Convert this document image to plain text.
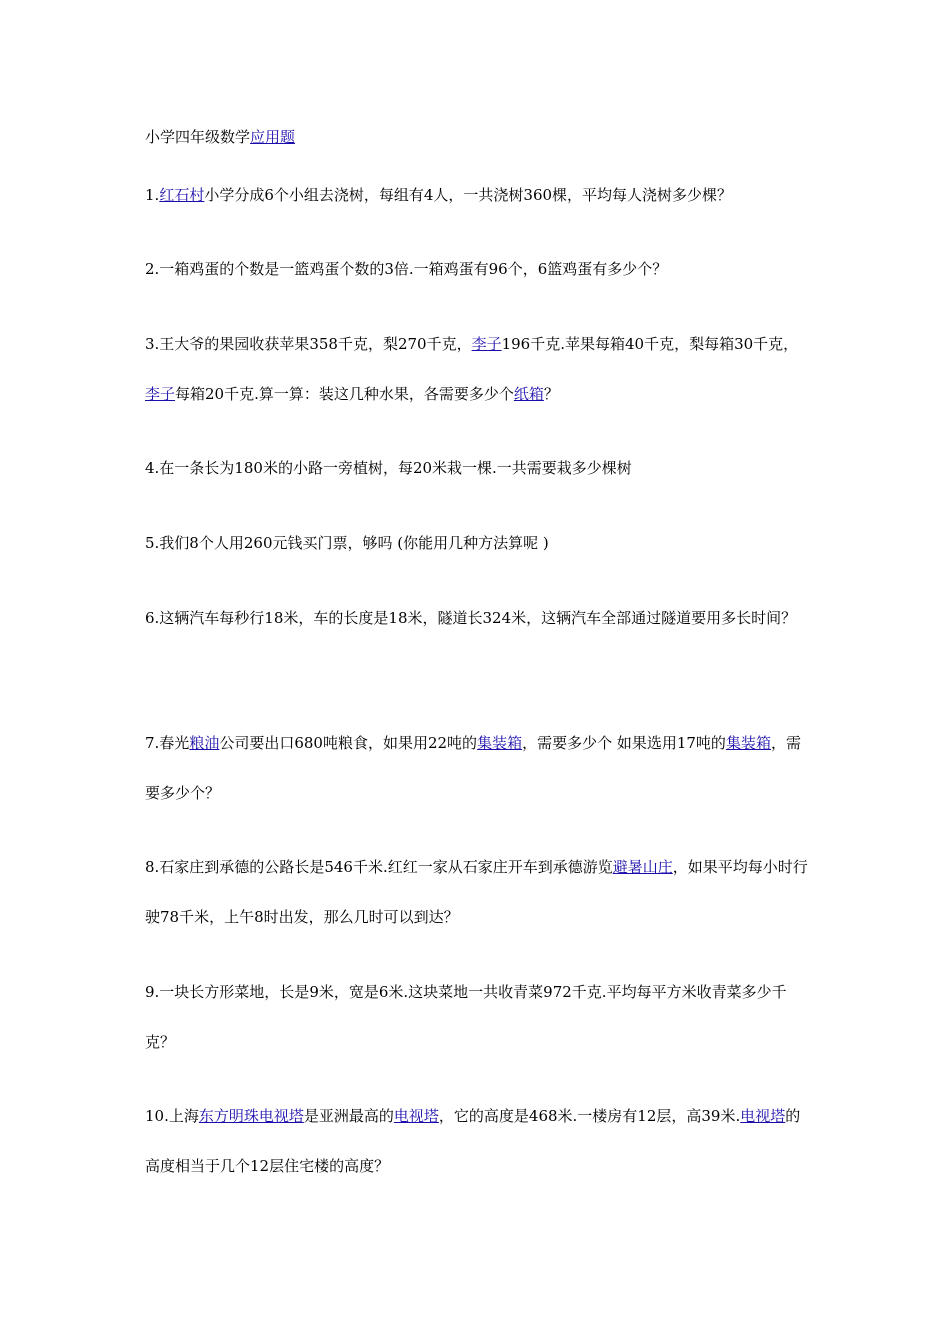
小学四年级数学应用题
1.红石村小学分成6个小组去浇树，每组有4人，一共浇树360棵，平均每人浇树多少棵？
2.一箱鸡蛋的个数是一篮鸡蛋个数的3倍.一箱鸡蛋有96个，6篮鸡蛋有多少个？
3.王大爷的果园收获苹果358千克，梨270千克，李子196千克.苹果每箱40千克，梨每箱30千克，李子每箱20千克.算一算：装这几种水果，各需要多少个纸箱？
4.在一条长为180米的小路一旁植树，每20米栽一棵.一共需要栽多少棵树
5.我们8个人用260元钱买门票，够吗 (你能用几种方法算呢 )
6.这辆汽车每秒行18米，车的长度是18米，隧道长324米，这辆汽车全部通过隧道要用多长时间？
7.春光粮油公司要出口680吨粮食，如果用22吨的集装箱，需要多少个 如果选用17吨的集装箱，需要多少个？
8.石家庄到承德的公路长是546千米.红红一家从石家庄开车到承德游览避暑山庄，如果平均每小时行驶78千米，上午8时出发，那么几时可以到达？
9.一块长方形菜地，长是9米，宽是6米.这块菜地一共收青菜972千克.平均每平方米收青菜多少千克？
10.上海东方明珠电视塔是亚洲最高的电视塔，它的高度是468米.一楼房有12层，高39米.电视塔的高度相当于几个12层住宅楼的高度？
